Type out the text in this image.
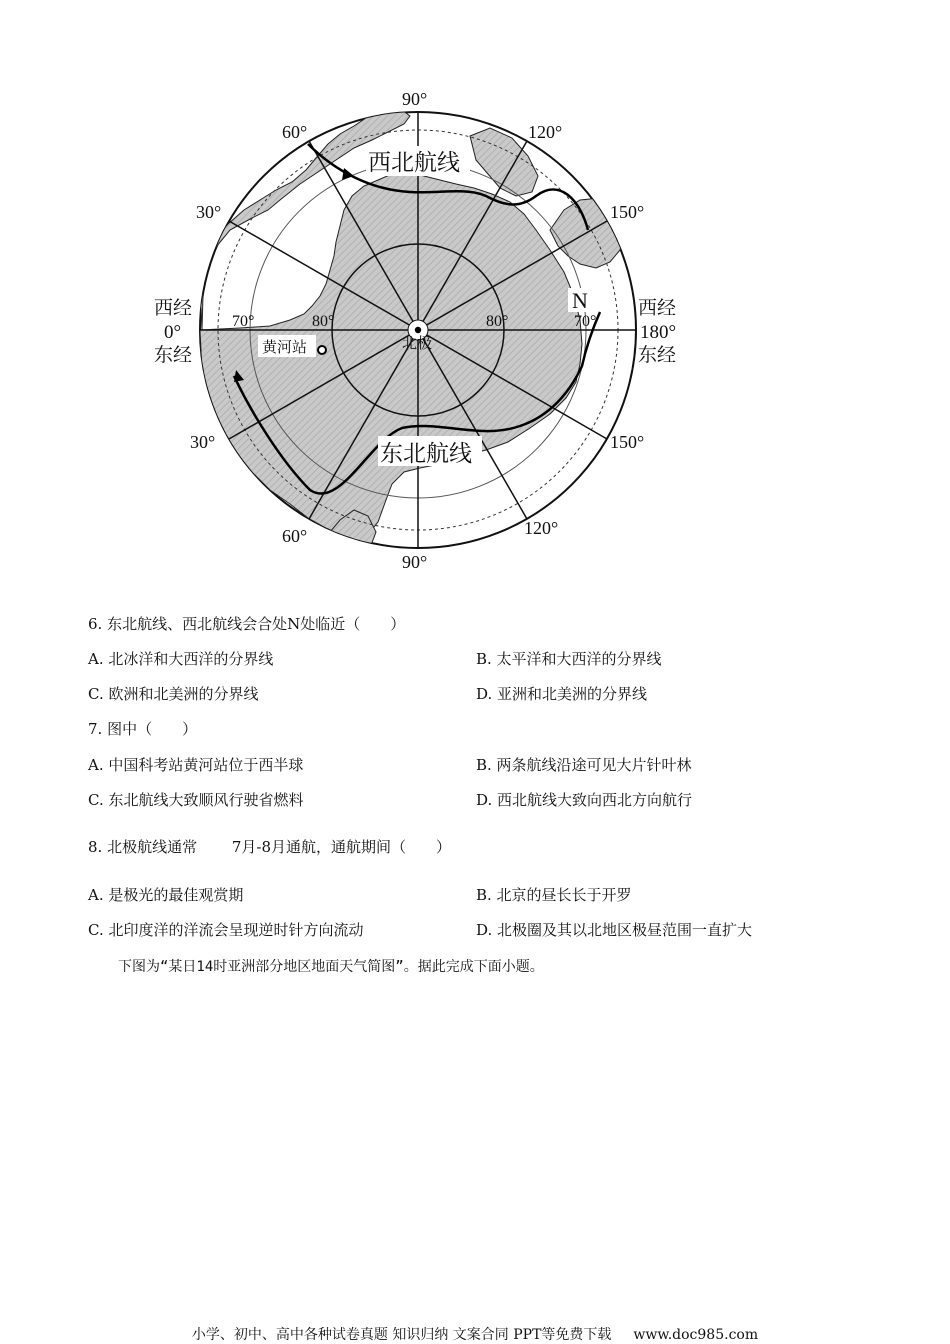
90°
90°
60°	120°
30°	150°
30°	150°
60°	120°
西经
0°
东经
西经
180°
东经
70°	80°	80°	70°
黄河站	北极
N
西北航线
东北航线
6. 东北航线、西北航线会合处N处临近（　　）
A. 北冰洋和大西洋的分界线	B. 太平洋和大西洋的分界线
C. 欧洲和北美洲的分界线	D. 亚洲和北美洲的分界线
7. 图中（　　）
A. 中国科考站黄河站位于西半球	B. 两条航线沿途可见大片针叶林
C. 东北航线大致顺风行驶省燃料	D. 西北航线大致向西北方向航行
8. 北极航线通常　　 7月-8月通航，通航期间（　　）
A. 是极光的最佳观赏期	B. 北京的昼长长于开罗
C. 北印度洋的洋流会呈现逆时针方向流动	D. 北极圈及其以北地区极昼范围一直扩大
下图为“某日14时亚洲部分地区地面天气简图”。据此完成下面小题。
小学、初中、高中各种试卷真题 知识归纳 文案合同 PPT等免费下载 www.doc985.com
